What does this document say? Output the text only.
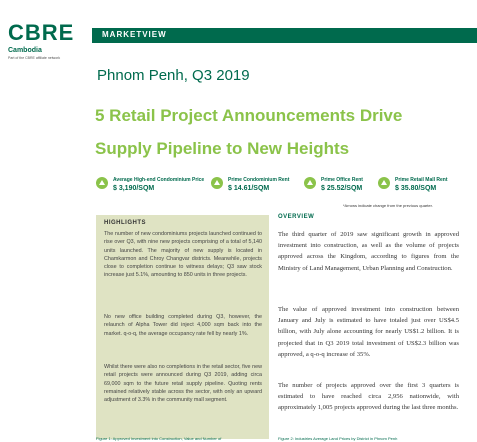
CBRE
Cambodia
Part of the CBRE affiliate network
MARKETVIEW
Phnom Penh, Q3 2019
5 Retail Project Announcements Drive
Supply Pipeline to New Heights
Average High-end Condominium Price
$ 3,190/SQM
Prime Condominium Rent
$ 14.61/SQM
Prime Office Rent
$ 25.52/SQM
Prime Retail Mall Rent
$ 35.80/SQM
*Arrows indicate change from the previous quarter.
HIGHLIGHTS
The number of new condominiums projects launched continued to rise over Q3, with nine new projects comprising of a total of 5,140 units launched. The majority of new supply is located in Chamkarmon and Chroy Changvar districts. Meanwhile, projects close to completion continue to witness delays; Q3 saw stock increase just 5.1%, amounting to 850 units in three projects.
No new office building completed during Q3, however, the relaunch of Alpha Tower did inject 4,000 sqm back into the market. q-o-q, the average occupancy rate fell by nearly 1%.
Whilst there were also no completions in the retail sector, five new retail projects were announced during Q3 2019, adding circa 69,000 sqm to the future retail supply pipeline. Quoting rents remained relatively stable across the sector, with only an upward adjustment of 3.3% in the community mall segment.
OVERVIEW
The third quarter of 2019 saw significant growth in approved investment into construction, as well as the volume of projects approved across the Kingdom, according to figures from the Ministry of Land Management, Urban Planning and Construction.
The value of approved investment into construction between January and July is estimated to have totaled just over US$4.5 billion, with July alone accounting for nearly US$1.2 billion. It is projected that in Q3 2019 total investment of US$2.3 billion was approved, a q-o-q increase of 35%.
The number of projects approved over the first 3 quarters is estimated to have reached circa 2,956 nationwide, with approximately 1,005 projects approved during the last three months.
Figure 1: Approved Investment into Construction, Value and Number of	Figure 2: Industries Average Land Prices by District in Phnom Penh
